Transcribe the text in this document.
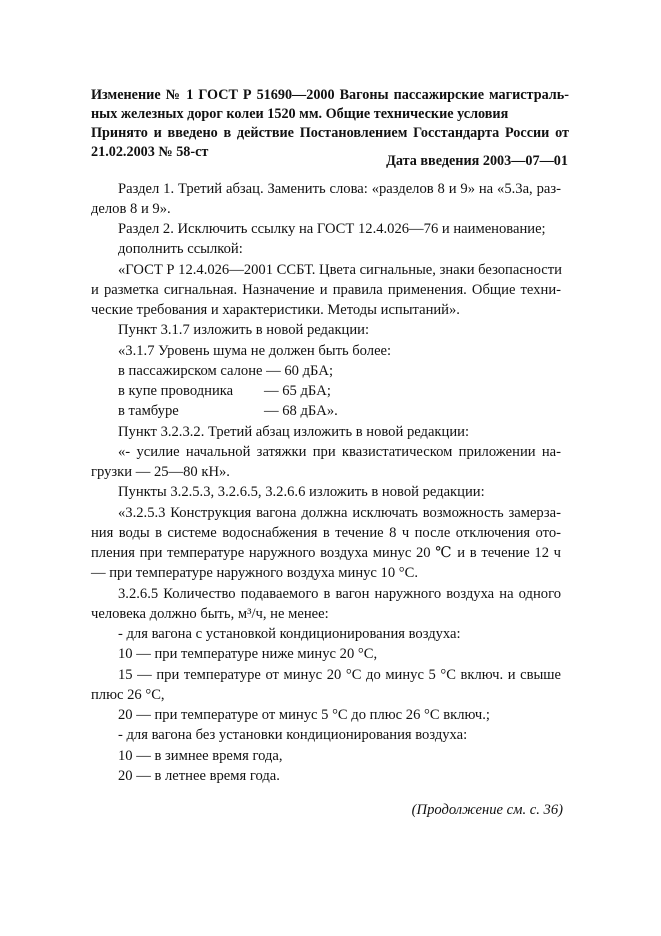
Изменение № 1 ГОСТ Р 51690—2000 Вагоны пассажирские магистраль-
ных железных дорог колеи 1520 мм. Общие технические условия
Принято и введено в действие Постановлением Госстандарта России от
21.02.2003 № 58-ст
Дата введения 2003—07—01
Раздел 1. Третий абзац. Заменить слова: «разделов 8 и 9» на «5.3а, раз-
делов 8 и 9».
Раздел 2. Исключить ссылку на ГОСТ 12.4.026—76 и наименование;
дополнить ссылкой:
«ГОСТ Р 12.4.026—2001 ССБТ. Цвета сигнальные, знаки безопасности
и разметка сигнальная. Назначение и правила применения. Общие техни-
ческие требования и характеристики. Методы испытаний».
Пункт 3.1.7 изложить в новой редакции:
«3.1.7 Уровень шума не должен быть более:
в пассажирском салоне — 60 дБA;
в купе проводника — 65 дБA;
в тамбуре	— 68 дБA».
Пункт 3.2.3.2. Третий абзац изложить в новой редакции:
«- усилие начальной затяжки при квазистатическом приложении на-
грузки — 25—80 кН».
Пункты 3.2.5.3, 3.2.6.5, 3.2.6.6 изложить в новой редакции:
«3.2.5.3 Конструкция вагона должна исключать возможность замерза-
ния воды в системе водоснабжения в течение 8 ч после отключения ото-
пления при температуре наружного воздуха минус 20 ℃ и в течение 12 ч
— при температуре наружного воздуха минус 10 °С.
3.2.6.5 Количество подаваемого в вагон наружного воздуха на одного
человека должно быть, м³/ч, не менее:
- для вагона с установкой кондиционирования воздуха:
10 — при температуре ниже минус 20 °С,
15 — при температуре от минус 20 °С до минус 5 °С включ. и свыше
плюс 26 °С,
20 — при температуре от минус 5 °С до плюс 26 °С включ.;
- для вагона без установки кондиционирования воздуха:
10 — в зимнее время года,
20 — в летнее время года.
(Продолжение см. с. 36)
